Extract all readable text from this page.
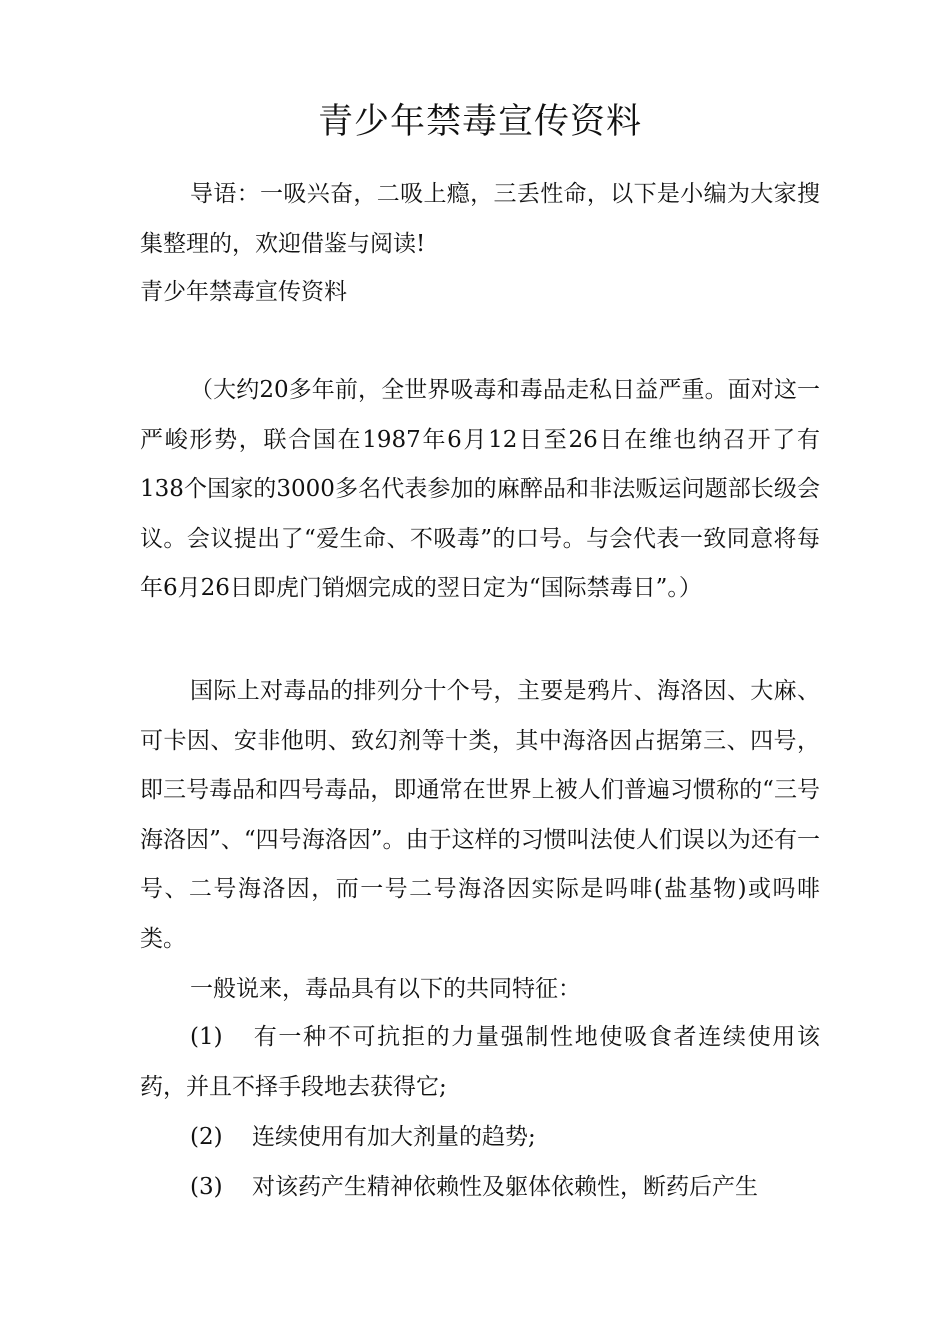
青少年禁毒宣传资料

导语：一吸兴奋，二吸上瘾，三丢性命，以下是小编为大家搜集整理的，欢迎借鉴与阅读!

青少年禁毒宣传资料

（大约20多年前，全世界吸毒和毒品走私日益严重。面对这一严峻形势，联合国在1987年6月12日至26日在维也纳召开了有138个国家的3000多名代表参加的麻醉品和非法贩运问题部长级会议。会议提出了“爱生命、不吸毒”的口号。与会代表一致同意将每年6月26日即虎门销烟完成的翌日定为“国际禁毒日”。）

国际上对毒品的排列分十个号，主要是鸦片、海洛因、大麻、可卡因、安非他明、致幻剂等十类，其中海洛因占据第三、四号，即三号毒品和四号毒品，即通常在世界上被人们普遍习惯称的“三号海洛因”、“四号海洛因”。由于这样的习惯叫法使人们误以为还有一号、二号海洛因，而一号二号海洛因实际是吗啡(盐基物)或吗啡类。

一般说来，毒品具有以下的共同特征：

(1) 有一种不可抗拒的力量强制性地使吸食者连续使用该药，并且不择手段地去获得它;

(2) 连续使用有加大剂量的趋势;

(3) 对该药产生精神依赖性及躯体依赖性，断药后产生
